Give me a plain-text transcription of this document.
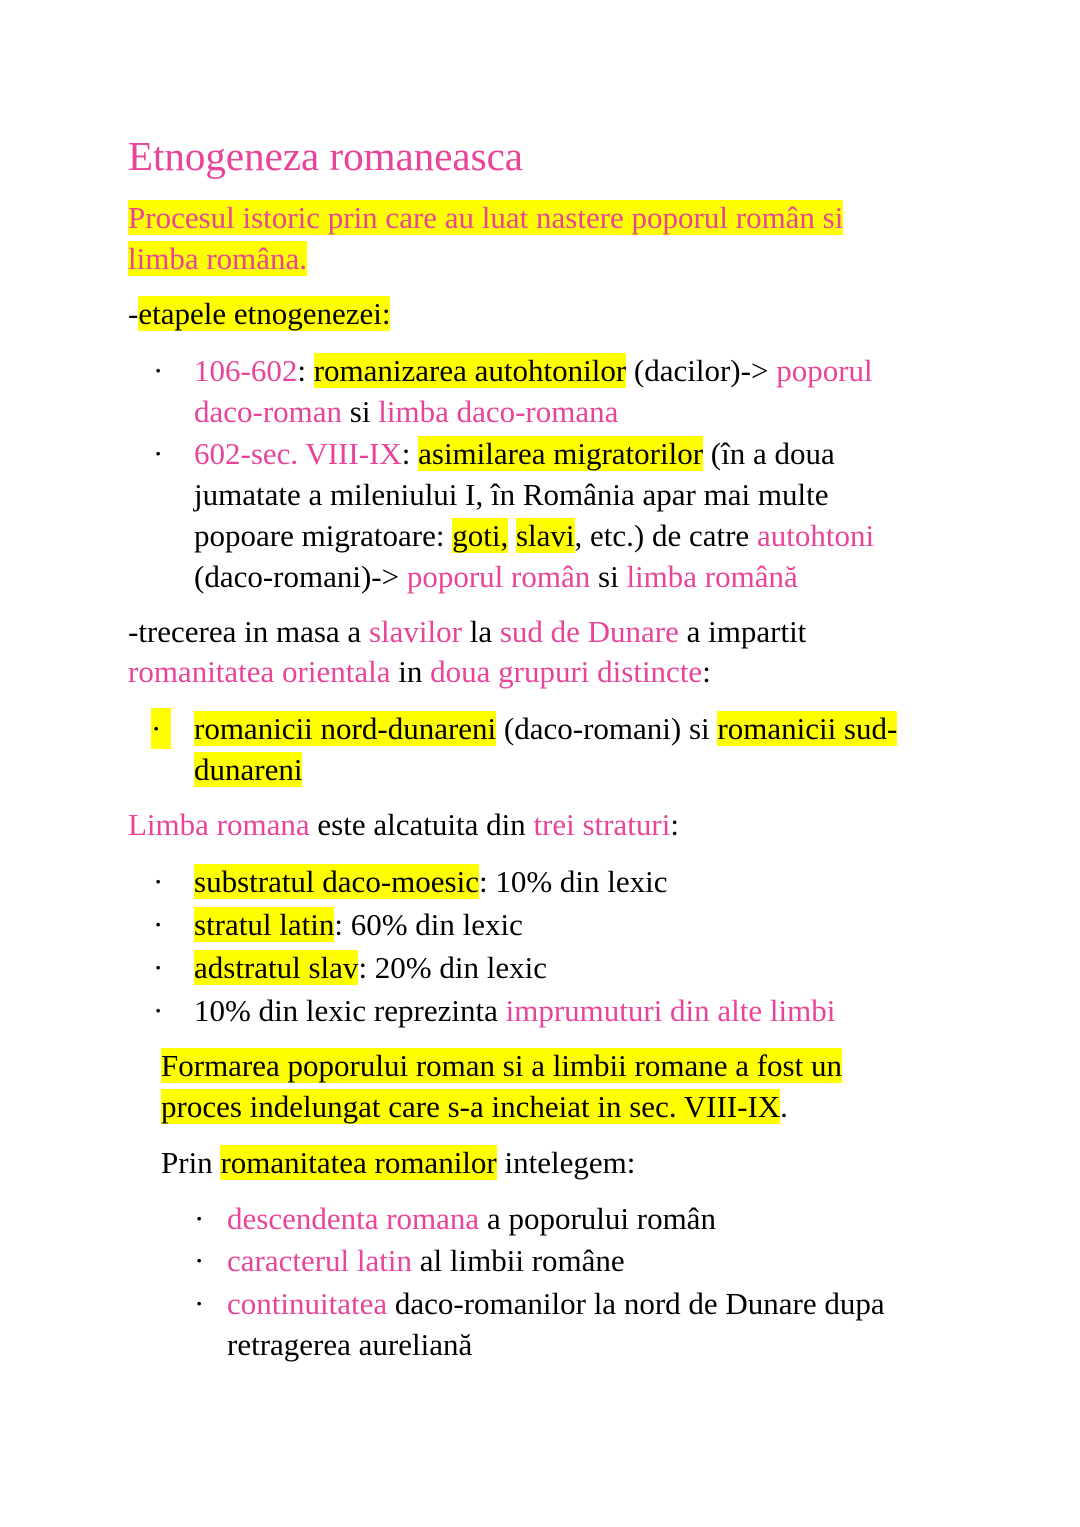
Etnogeneza romaneasca
Procesul istoric prin care au luat nastere poporul român si
limba româna.
-etapele etnogenezei:
· 106-602: romanizarea autohtonilor (dacilor)-> poporul
daco-roman si limba daco-romana
· 602-sec. VIII-IX: asimilarea migratorilor (în a doua
jumatate a mileniului I, în România apar mai multe
popoare migratoare: goti, slavi, etc.) de catre autohtoni
(daco-romani)-> poporul român si limba română
-trecerea in masa a slavilor la sud de Dunare a impartit
romanitatea orientala in doua grupuri distincte:
·	romanicii nord-dunareni (daco-romani) si romanicii sud-
dunareni
Limba romana este alcatuita din trei straturi:
· substratul daco-moesic: 10% din lexic
· stratul latin: 60% din lexic
· adstratul slav: 20% din lexic
· 10% din lexic reprezinta imprumuturi din alte limbi
Formarea poporului roman si a limbii romane a fost un
proces indelungat care s-a incheiat in sec. VIII-IX.
Prin romanitatea romanilor intelegem:
· descendenta romana a poporului român
· caracterul latin al limbii române
· continuitatea daco-romanilor la nord de Dunare dupa
retragerea aureliană
